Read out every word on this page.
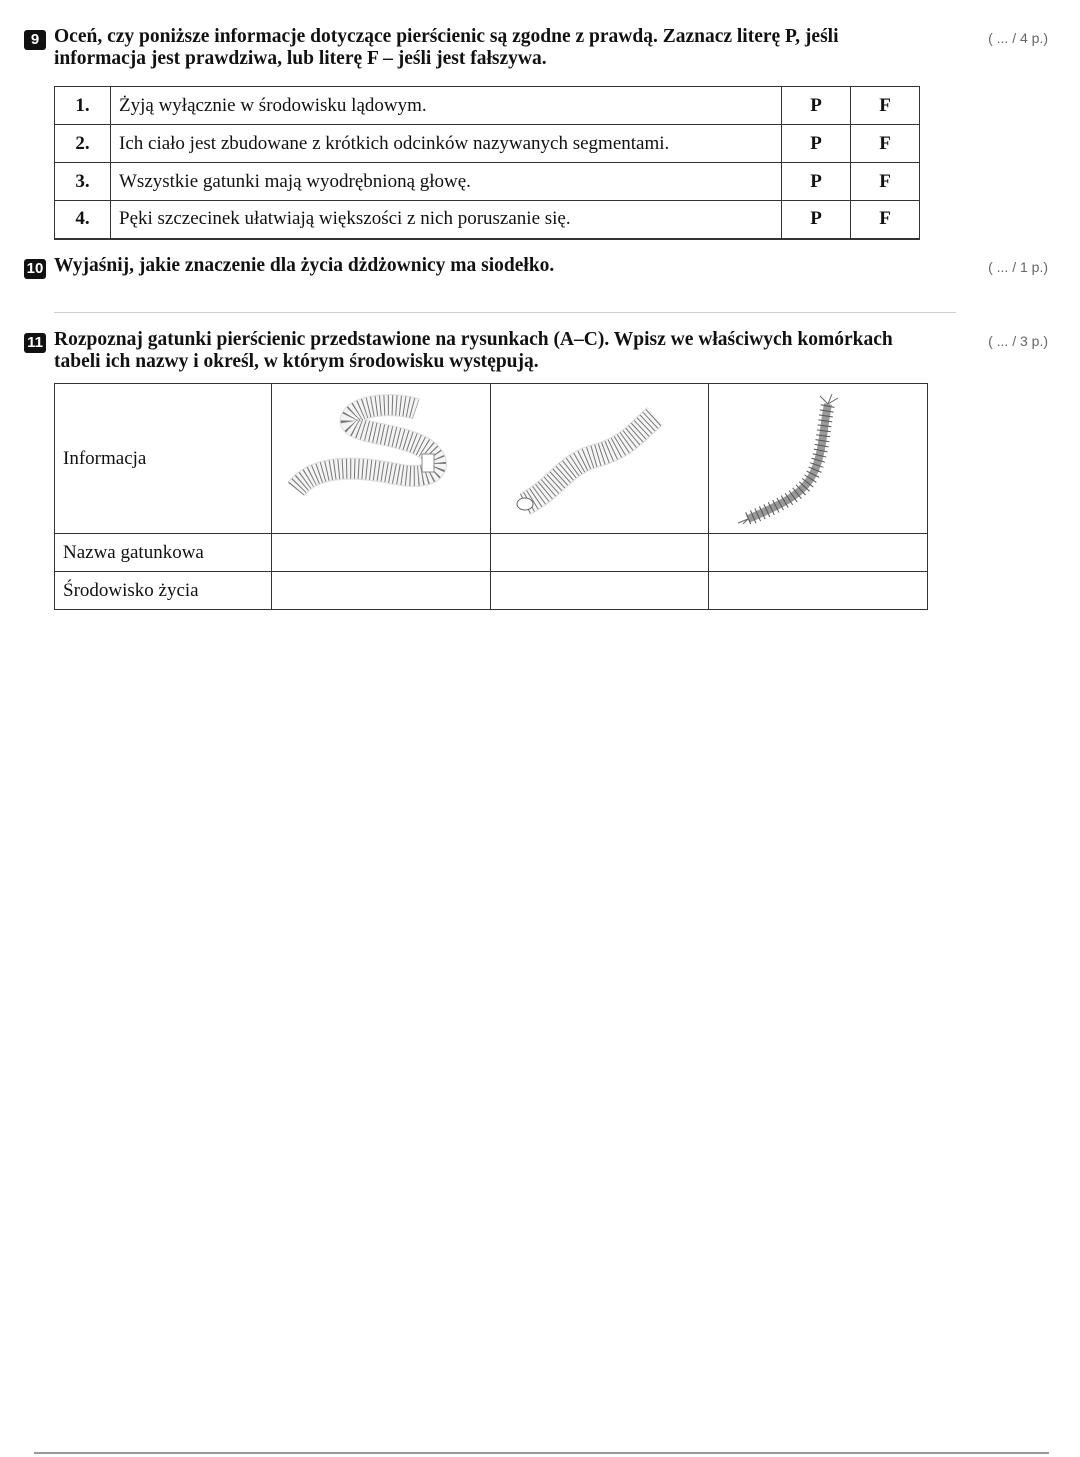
9 Oceń, czy poniższe informacje dotyczące pierścienic są zgodne z prawdą. Zaznacz literę P, jeśli informacja jest prawdziwa, lub literę F – jeśli jest fałszywa.
( ... / 4 p.)
1.	Żyją wyłącznie w środowisku lądowym.	P	F
2.	Ich ciało jest zbudowane z krótkich odcinków nazywanych segmentami.	P	F
3.	Wszystkie gatunki mają wyodrębnioną głowę.	P	F
4.	Pęki szczecinek ułatwiają większości z nich poruszanie się.	P	F
10 Wyjaśnij, jakie znaczenie dla życia dżdżownicy ma siodełko.	( ... / 1 p.)
11 Rozpoznaj gatunki pierścienic przedstawione na rysunkach (A–C). Wpisz we właściwych komórkach tabeli ich nazwy i określ, w którym środowisku występują.
( ... / 3 p.)
Informacja	

Nazwa gatunkowa			
Środowisko życia			
